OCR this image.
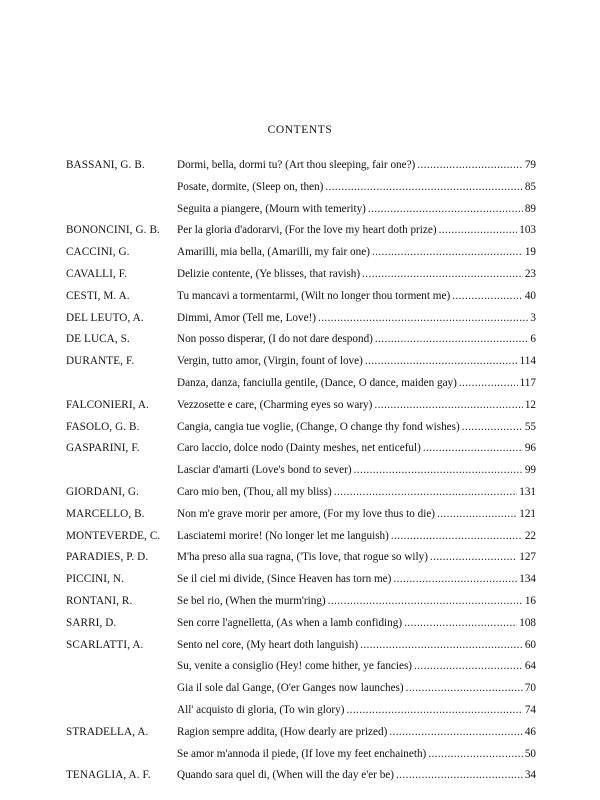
CONTENTS
BASSANI, G. B.	Dormi, bella, dormi tu? (Art thou sleeping, fair one?) . . .	79
Posate, dormite, (Sleep on, then) . . .	85
Seguita a piangere, (Mourn with temerity) . . .	89
BONONCINI, G. B.	Per la gloria d'adorarvi, (For the love my heart doth prize) . . .	103
CACCINI, G.	Amarilli, mia bella, (Amarilli, my fair one) . . .	19
CAVALLI, F.	Delizie contente, (Ye blisses, that ravish) . . .	23
CESTI, M. A.	Tu mancavi a tormentarmi, (Wilt no longer thou torment me) . . .	40
DEL LEUTO, A.	Dimmi, Amor (Tell me, Love!) . . .	3
DE LUCA, S.	Non posso disperar, (I do not dare despond) . . .	6
DURANTE, F.	Vergin, tutto amor, (Virgin, fount of love) . . .	114
Danza, danza, fanciulla gentile, (Dance, O dance, maiden gay) . . .	117
FALCONIERI, A.	Vezzosette e care, (Charming eyes so wary) . . .	12
FASOLO, G. B.	Cangia, cangia tue voglie, (Change, O change thy fond wishes) . . .	55
GASPARINI, F.	Caro laccio, dolce nodo (Dainty meshes, net enticeful) . . .	96
Lasciar d'amarti (Love's bond to sever) . . .	99
GIORDANI, G.	Caro mio ben, (Thou, all my bliss) . . .	131
MARCELLO, B.	Non m'e grave morir per amore, (For my love thus to die) . . .	121
MONTEVERDE, C.	Lasciatemi morire! (No longer let me languish) . . .	22
PARADIES, P. D.	M'ha preso alla sua ragna, ('Tis love, that rogue so wily) . . .	127
PICCINI, N.	Se il ciel mi divide, (Since Heaven has torn me) . . .	134
RONTANI, R.	Se bel rio, (When the murm'ring) . . .	16
SARRI, D.	Sen corre l'agnelletta, (As when a lamb confiding) . . .	108
SCARLATTI, A.	Sento nel core, (My heart doth languish) . . .	60
Su, venite a consiglio (Hey! come hither, ye fancies) . . .	64
Gia il sole dal Gange, (O'er Ganges now launches) . . .	70
All' acquisto di gloria, (To win glory) . . .	74
STRADELLA, A.	Ragion sempre addita, (How dearly are prized) . . .	46
Se amor m'annoda il piede, (If love my feet enchaineth) . . .	50
TENAGLIA, A. F.	Quando sara quel di, (When will the day e'er be) . . .	34
